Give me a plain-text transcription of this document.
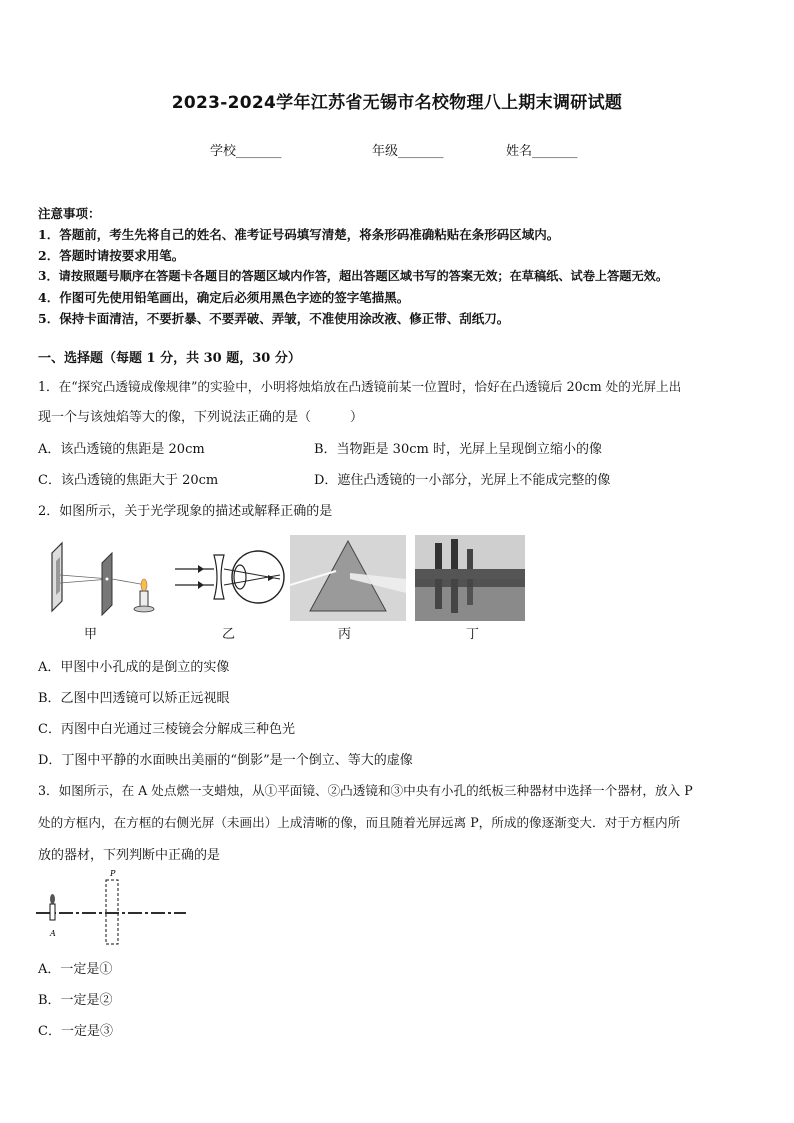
2023-2024学年江苏省无锡市名校物理八上期末调研试题
学校_______	年级_______	姓名_______
注意事项：
1．答题前，考生先将自己的姓名、准考证号码填写清楚，将条形码准确粘贴在条形码区域内。
2．答题时请按要求用笔。
3．请按照题号顺序在答题卡各题目的答题区域内作答，超出答题区域书写的答案无效；在草稿纸、试卷上答题无效。
4．作图可先使用铅笔画出，确定后必须用黑色字迹的签字笔描黑。
5．保持卡面清洁，不要折暴、不要弄破、弄皱，不准使用涂改液、修正带、刮纸刀。
一、选择题（每题 1 分，共 30 题，30 分）
1．在“探究凸透镜成像规律”的实验中，小明将烛焰放在凸透镜前某一位置时，恰好在凸透镜后 20cm 处的光屏上出
现一个与该烛焰等大的像，下列说法正确的是（　　　）
A．该凸透镜的焦距是 20cm	B．当物距是 30cm 时，光屏上呈现倒立缩小的像
C．该凸透镜的焦距大于 20cm	D．遮住凸透镜的一小部分，光屏上不能成完整的像
2．如图所示，关于光学现象的描述或解释正确的是
甲	乙	丙	丁
A．甲图中小孔成的是倒立的实像
B．乙图中凹透镜可以矫正远视眼
C．丙图中白光通过三棱镜会分解成三种色光
D．丁图中平静的水面映出美丽的“倒影”是一个倒立、等大的虚像
3．如图所示，在 A 处点燃一支蜡烛，从①平面镜、②凸透镜和③中央有小孔的纸板三种器材中选择一个器材，放入 P
处的方框内，在方框的右侧光屏（未画出）上成清晰的像，而且随着光屏远离 P，所成的像逐渐变大．对于方框内所
放的器材，下列判断中正确的是
A
P
A．一定是①
B．一定是②
C．一定是③
